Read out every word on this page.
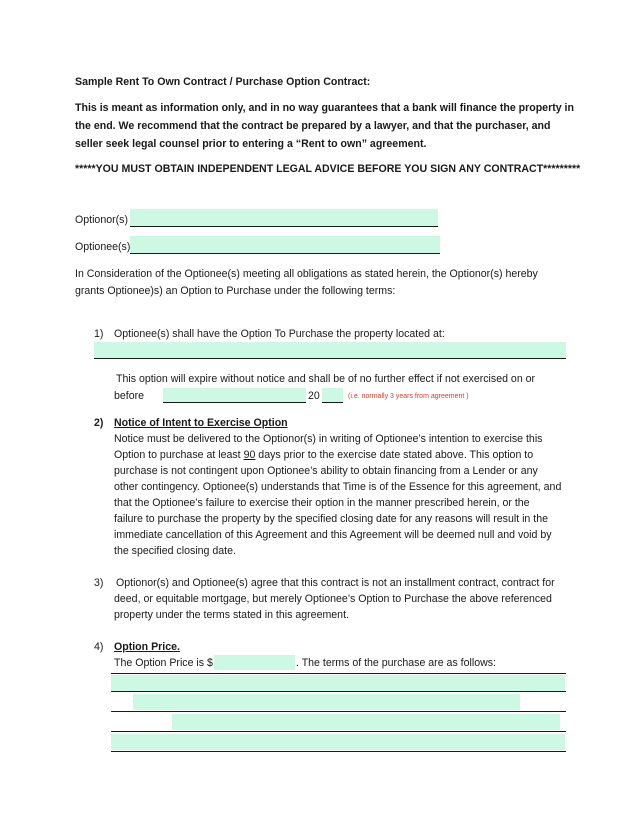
Sample Rent To Own Contract / Purchase Option Contract:
This is meant as information only, and in no way guarantees that a bank will finance the property in
the end. We recommend that the contract be prepared by a lawyer, and that the purchaser, and
seller seek legal counsel prior to entering a “Rent to own” agreement.
*****YOU MUST OBTAIN INDEPENDENT LEGAL ADVICE BEFORE YOU SIGN ANY CONTRACT*********
Optionor(s)
Optionee(s)
In Consideration of the Optionee(s) meeting all obligations as stated herein, the Optionor(s) hereby
grants Optionee)s) an Option to Purchase under the following terms:
1) Optionee(s) shall have the Option To Purchase the property located at:
This option will expire without notice and shall be of no further effect if not exercised on or
before	20	(i.e. normally 3 years from agreement )
2) Notice of Intent to Exercise Option
Notice must be delivered to the Optionor(s) in writing of Optionee’s intention to exercise this
Option to purchase at least 90 days prior to the exercise date stated above. This option to
purchase is not contingent upon Optionee’s ability to obtain financing from a Lender or any
other contingency. Optionee(s) understands that Time is of the Essence for this agreement, and
that the Optionee’s failure to exercise their option in the manner prescribed herein, or the
failure to purchase the property by the specified closing date for any reasons will result in the
immediate cancellation of this Agreement and this Agreement will be deemed null and void by
the specified closing date.
3) Optionor(s) and Optionee(s) agree that this contract is not an installment contract, contract for
deed, or equitable mortgage, but merely Optionee’s Option to Purchase the above referenced
property under the terms stated in this agreement.
4) Option Price.
The Option Price is $	. The terms of the purchase are as follows:
